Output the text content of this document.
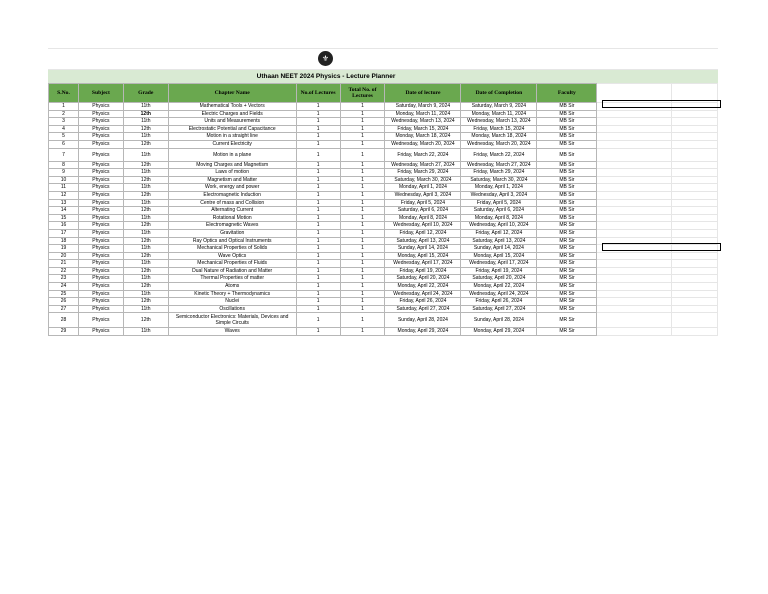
⚜
Uthaan NEET 2024 Physics - Lecture Planner
S.No.	Subject	Grade	Chapter Name	No.of Lectures	Total No. of Lectures	Date of lecture	Date of Completion	Faculty		
1	Physics	11th	Mathematical Tools + Vectors	1	1	Saturday, March 9, 2024	Saturday, March 9, 2024	MB Sir		
2	Physics	12th	Electric Charges and Fields	1	1	Monday, March 11, 2024	Monday, March 11, 2024	MB Sir		
3	Physics	11th	Units and Measurements	1	1	Wednesday, March 13, 2024	Wednesday, March 13, 2024	MB Sir		
4	Physics	12th	Electrostatic Potential and Capacitance	1	1	Friday, March 15, 2024	Friday, March 15, 2024	MB Sir		
5	Physics	11th	Motion in a straight line	1	1	Monday, March 18, 2024	Monday, March 18, 2024	MB Sir		
6	Physics	12th	Current Electricity	1	1	Wednesday, March 20, 2024	Wednesday, March 20, 2024	MB Sir		
7	Physics	11th	Motion in a plane	1	1	Friday, March 22, 2024	Friday, March 22, 2024	MB Sir		
8	Physics	12th	Moving Charges and Magnetism	1	1	Wednesday, March 27, 2024	Wednesday, March 27, 2024	MB Sir		
9	Physics	11th	Laws of motion	1	1	Friday, March 29, 2024	Friday, March 29, 2024	MB Sir		
10	Physics	12th	Magnetism and Matter	1	1	Saturday, March 30, 2024	Saturday, March 30, 2024	MB Sir		
11	Physics	11th	Work, energy and power	1	1	Monday, April 1, 2024	Monday, April 1, 2024	MB Sir		
12	Physics	12th	Electromagnetic Induction	1	1	Wednesday, April 3, 2024	Wednesday, April 3, 2024	MB Sir		
13	Physics	11th	Centre of mass and Collision	1	1	Friday, April 5, 2024	Friday, April 5, 2024	MB Sir		
14	Physics	12th	Alternating Current	1	1	Saturday, April 6, 2024	Saturday, April 6, 2024	MB Sir		
15	Physics	11th	Rotational Motion	1	1	Monday, April 8, 2024	Monday, April 8, 2024	MB Sir		
16	Physics	12th	Electromagnetic Waves	1	1	Wednesday, April 10, 2024	Wednesday, April 10, 2024	MR Sir		
17	Physics	11th	Gravitation	1	1	Friday, April 12, 2024	Friday, April 12, 2024	MR Sir		
18	Physics	12th	Ray Optics and Optical Instruments	1	1	Saturday, April 13, 2024	Saturday, April 13, 2024	MR Sir		
19	Physics	11th	Mechanical Properties of Solids	1	1	Sunday, April 14, 2024	Sunday, April 14, 2024	MR Sir		
20	Physics	12th	Wave Optics	1	1	Monday, April 15, 2024	Monday, April 15, 2024	MR Sir		
21	Physics	11th	Mechanical Properties of Fluids	1	1	Wednesday, April 17, 2024	Wednesday, April 17, 2024	MR Sir		
22	Physics	12th	Dual Nature of Radiation and Matter	1	1	Friday, April 19, 2024	Friday, April 19, 2024	MR Sir		
23	Physics	11th	Thermal Properties of matter	1	1	Saturday, April 20, 2024	Saturday, April 20, 2024	MR Sir		
24	Physics	12th	Atoms	1	1	Monday, April 22, 2024	Monday, April 22, 2024	MR Sir		
25	Physics	11th	Kinetic Theory + Thermodynamics	1	1	Wednesday, April 24, 2024	Wednesday, April 24, 2024	MR Sir		
26	Physics	12th	Nuclei	1	1	Friday, April 26, 2024	Friday, April 26, 2024	MR Sir		
27	Physics	11th	Oscillations	1	1	Saturday, April 27, 2024	Saturday, April 27, 2024	MR Sir		
28	Physics	12th	Semiconductor Electronics: Materials, Devices and Simple Circuits	1	1	Sunday, April 28, 2024	Sunday, April 28, 2024	MR Sir		
29	Physics	11th	Waves	1	1	Monday, April 29, 2024	Monday, April 29, 2024	MR Sir		
